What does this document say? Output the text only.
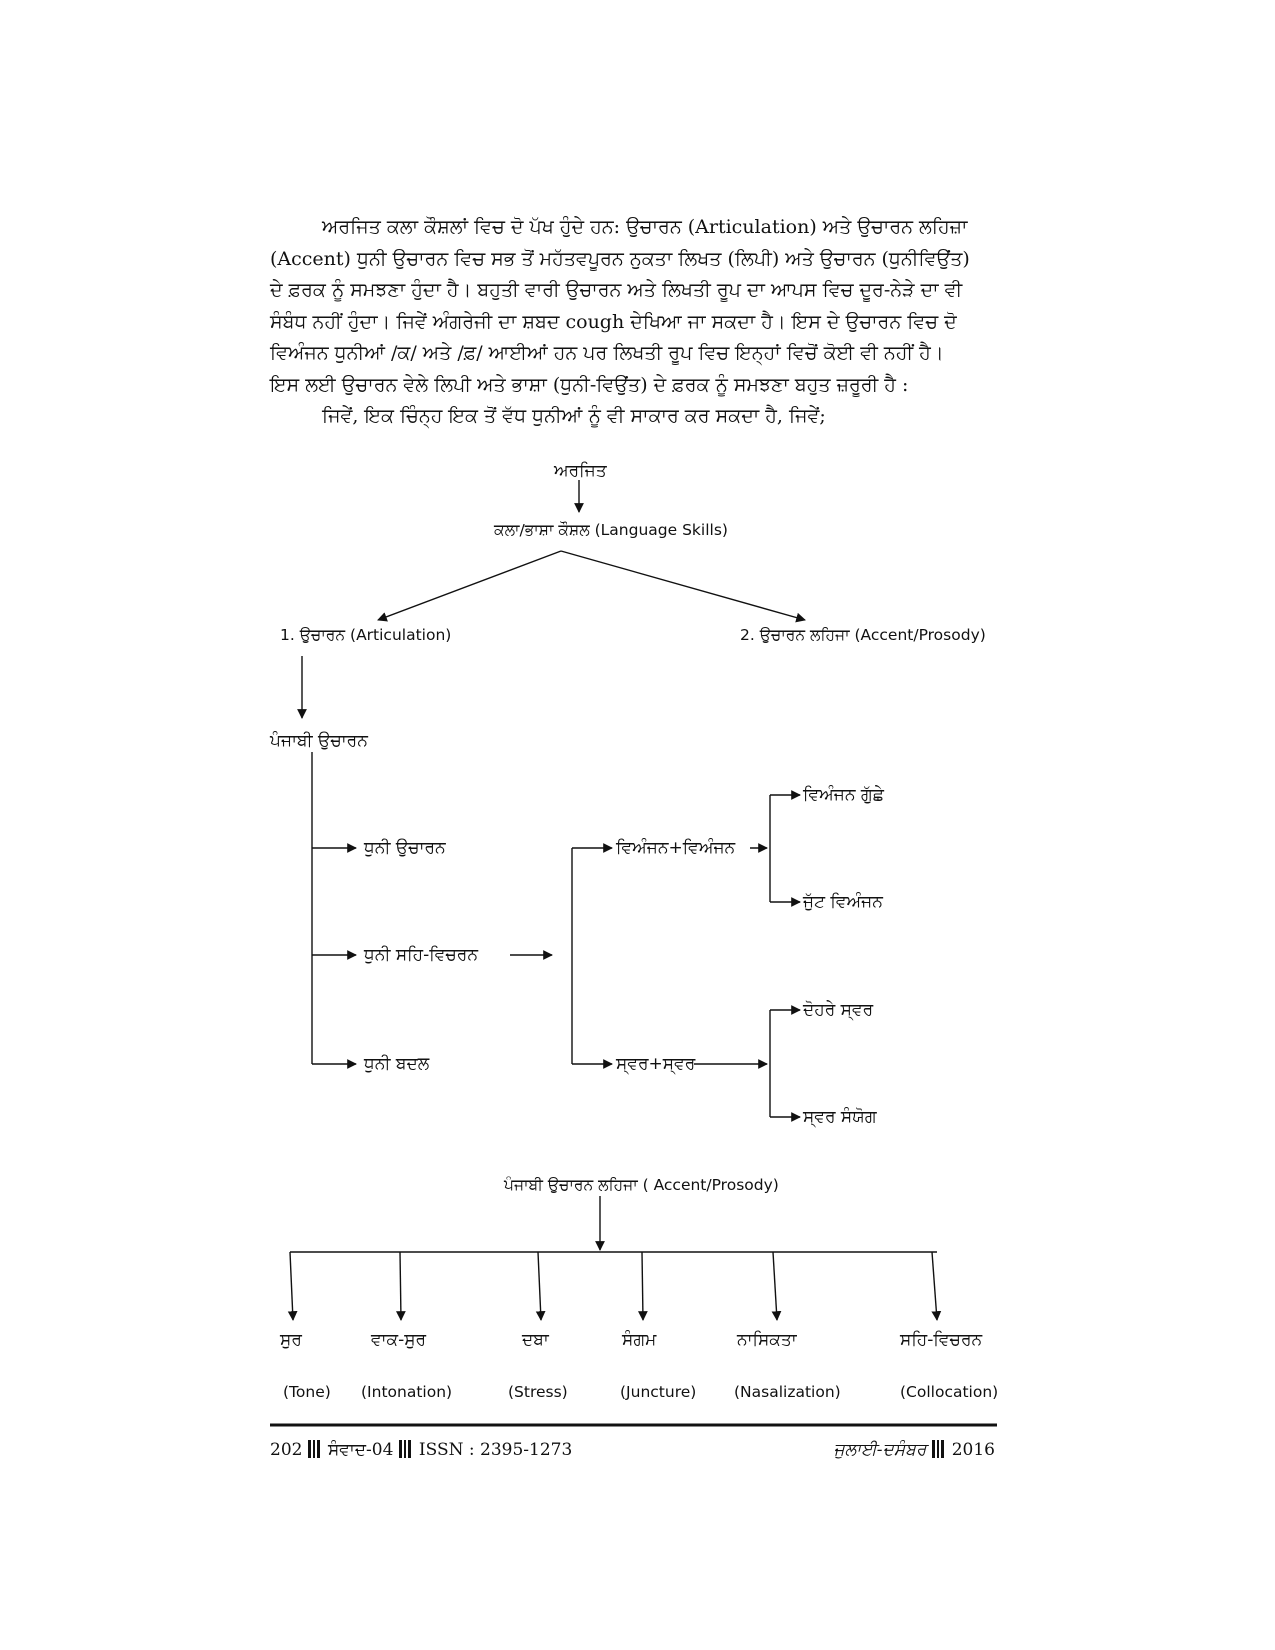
ਅਰਜਿਤ ਕਲਾ ਕੌਸ਼ਲਾਂ ਵਿਚ ਦੋ ਪੱਖ ਹੁੰਦੇ ਹਨ: ਉਚਾਰਨ (Articulation) ਅਤੇ ਉਚਾਰਨ ਲਹਿਜ਼ਾ
(Accent) ਧੁਨੀ ਉਚਾਰਨ ਵਿਚ ਸਭ ਤੋਂ ਮਹੱਤਵਪੂਰਨ ਨੁਕਤਾ ਲਿਖਤ (ਲਿਪੀ) ਅਤੇ ਉਚਾਰਨ (ਧੁਨੀਵਿਉਂਤ)
ਦੇ ਫ਼ਰਕ ਨੂੰ ਸਮਝਣਾ ਹੁੰਦਾ ਹੈ। ਬਹੁਤੀ ਵਾਰੀ ਉਚਾਰਨ ਅਤੇ ਲਿਖਤੀ ਰੂਪ ਦਾ ਆਪਸ ਵਿਚ ਦੂਰ-ਨੇੜੇ ਦਾ ਵੀ
ਸੰਬੰਧ ਨਹੀਂ ਹੁੰਦਾ। ਜਿਵੇਂ ਅੰਗਰੇਜੀ ਦਾ ਸ਼ਬਦ cough ਦੇਖਿਆ ਜਾ ਸਕਦਾ ਹੈ। ਇਸ ਦੇ ਉਚਾਰਨ ਵਿਚ ਦੋ
ਵਿਅੰਜਨ ਧੁਨੀਆਂ /ਕ/ ਅਤੇ /ਫ਼/ ਆਈਆਂ ਹਨ ਪਰ ਲਿਖਤੀ ਰੂਪ ਵਿਚ ਇਨ੍ਹਾਂ ਵਿਚੋਂ ਕੋਈ ਵੀ ਨਹੀਂ ਹੈ।
ਇਸ ਲਈ ਉਚਾਰਨ ਵੇਲੇ ਲਿਪੀ ਅਤੇ ਭਾਸ਼ਾ (ਧੁਨੀ-ਵਿਉਂਤ) ਦੇ ਫ਼ਰਕ ਨੂੰ ਸਮਝਣਾ ਬਹੁਤ ਜ਼ਰੂਰੀ ਹੈ :
ਜਿਵੇਂ, ਇਕ ਚਿੰਨ੍ਹ ਇਕ ਤੋਂ ਵੱਧ ਧੁਨੀਆਂ ਨੂੰ ਵੀ ਸਾਕਾਰ ਕਰ ਸਕਦਾ ਹੈ, ਜਿਵੇਂ;
ਅਰਜਿਤ
ਕਲਾ/ਭਾਸ਼ਾ ਕੌਸ਼ਲ (Language Skills)
1. ਉਚਾਰਨ (Articulation)	2. ਉਚਾਰਨ ਲਹਿਜਾ (Accent/Prosody)
ਪੰਜਾਬੀ ਉਚਾਰਨ
ਧੁਨੀ ਉਚਾਰਨ
ਧੁਨੀ ਸਹਿ-ਵਿਚਰਨ
ਧੁਨੀ ਬਦਲ
ਵਿਅੰਜਨ+ਵਿਅੰਜਨ
ਵਿਅੰਜਨ ਗੁੱਛੇ
ਜੁੱਟ ਵਿਅੰਜਨ
ਸ੍ਵਰ+ਸ੍ਵਰ
ਦੋਹਰੇ ਸ੍ਵਰ
ਸ੍ਵਰ ਸੰਯੋਗ
ਪੰਜਾਬੀ ਉਚਾਰਨ ਲਹਿਜਾ ( Accent/Prosody)
ਸੁਰ	ਵਾਕ-ਸੁਰ	ਦਬਾ	ਸੰਗਮ	ਨਾਸਿਕਤਾ	ਸਹਿ-ਵਿਚਰਨ
(Tone) (Intonation)	(Stress)	(Juncture) (Nasalization)	(Collocation)
202 ਸੰਵਾਦ-04 ISSN : 2395-1273	ਜੁਲਾਈ-ਦਸੰਬਰ 2016
